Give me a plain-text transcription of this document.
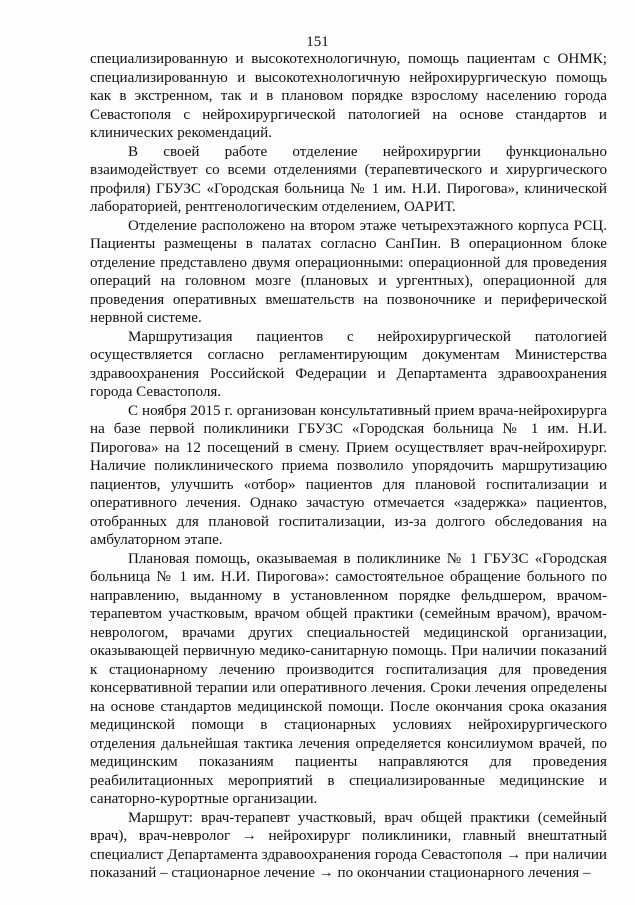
151

специализированную и высокотехнологичную, помощь пациентам с ОНМК; специализированную и высокотехнологичную нейрохирургическую помощь как в экстренном, так и в плановом порядке взрослому населению города Севастополя с нейрохирургической патологией на основе стандартов и клинических рекомендаций.

В своей работе отделение нейрохирургии функционально взаимодействует со всеми отделениями (терапевтического и хирургического профиля) ГБУЗС «Городская больница № 1 им. Н.И. Пирогова», клинической лабораторией, рентгенологическим отделением, ОАРИТ.

Отделение расположено на втором этаже четырехэтажного корпуса РСЦ. Пациенты размещены в палатах согласно СанПин. В операционном блоке отделение представлено двумя операционными: операционной для проведения операций на головном мозге (плановых и ургентных), операционной для проведения оперативных вмешательств на позвоночнике и периферической нервной системе.

Маршрутизация пациентов с нейрохирургической патологией осуществляется согласно регламентирующим документам Министерства здравоохранения Российской Федерации и Департамента здравоохранения города Севастополя.

С ноября 2015 г. организован консультативный прием врача-нейрохирурга на базе первой поликлиники ГБУЗС «Городская больница № 1 им. Н.И. Пирогова» на 12 посещений в смену. Прием осуществляет врач-нейрохирург. Наличие поликлинического приема позволило упорядочить маршрутизацию пациентов, улучшить «отбор» пациентов для плановой госпитализации и оперативного лечения. Однако зачастую отмечается «задержка» пациентов, отобранных для плановой госпитализации, из-за долгого обследования на амбулаторном этапе.

Плановая помощь, оказываемая в поликлинике № 1 ГБУЗС «Городская больница № 1 им. Н.И. Пирогова»: самостоятельное обращение больного по направлению, выданному в установленном порядке фельдшером, врачом-терапевтом участковым, врачом общей практики (семейным врачом), врачом-неврологом, врачами других специальностей медицинской организации, оказывающей первичную медико-санитарную помощь. При наличии показаний к стационарному лечению производится госпитализация для проведения консервативной терапии или оперативного лечения. Сроки лечения определены на основе стандартов медицинской помощи. После окончания срока оказания медицинской помощи в стационарных условиях нейрохирургического отделения дальнейшая тактика лечения определяется консилиумом врачей, по медицинским показаниям пациенты направляются для проведения реабилитационных мероприятий в специализированные медицинские и санаторно-курортные организации.

Маршрут: врач-терапевт участковый, врач общей практики (семейный врач), врач-невролог → нейрохирург поликлиники, главный внештатный специалист Департамента здравоохранения города Севастополя → при наличии показаний – стационарное лечение → по окончании стационарного лечения –
